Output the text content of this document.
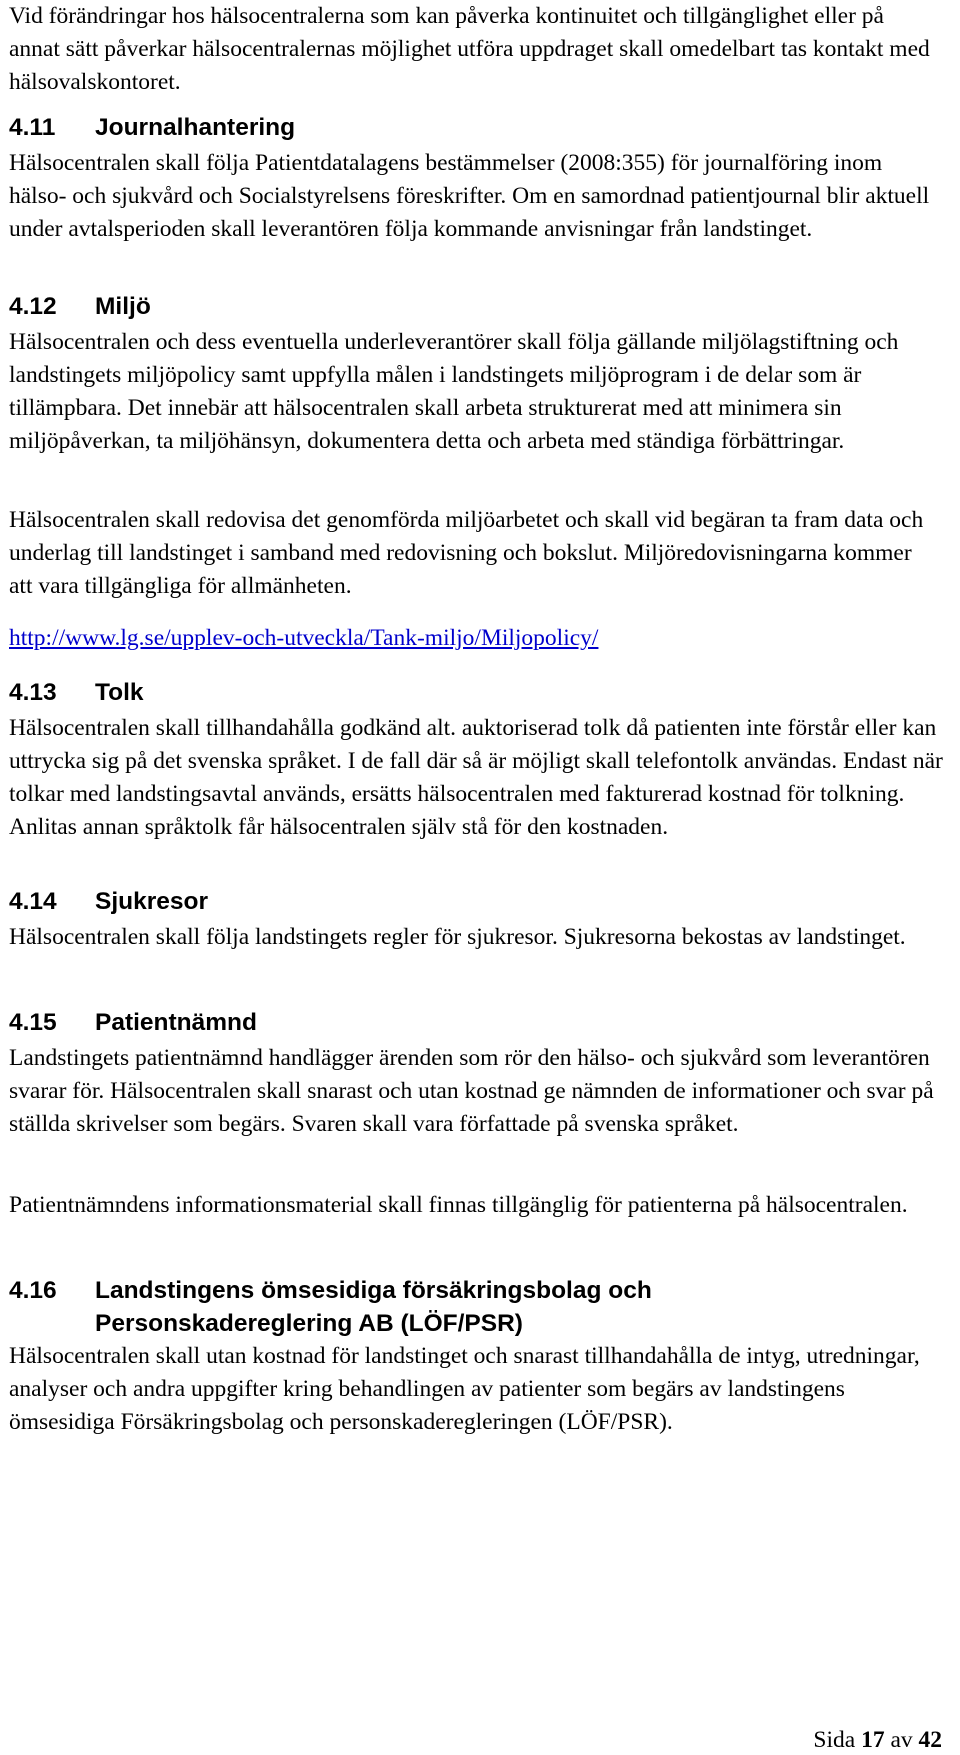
Vid förändringar hos hälsocentralerna som kan påverka kontinuitet och tillgänglighet eller på annat sätt påverkar hälsocentralernas möjlighet utföra uppdraget skall omedelbart tas kontakt med hälsovalskontoret.

4.11	Journalhantering

Hälsocentralen skall följa Patientdatalagens bestämmelser (2008:355) för journalföring inom hälso- och sjukvård och Socialstyrelsens föreskrifter. Om en samordnad patientjournal blir aktuell under avtalsperioden skall leverantören följa kommande anvisningar från landstinget.

4.12	Miljö

Hälsocentralen och dess eventuella underleverantörer skall följa gällande miljölagstiftning och landstingets miljöpolicy samt uppfylla målen i landstingets miljöprogram i de delar som är tillämpbara. Det innebär att hälsocentralen skall arbeta strukturerat med att minimera sin miljöpåverkan, ta miljöhänsyn, dokumentera detta och arbeta med ständiga förbättringar.

Hälsocentralen skall redovisa det genomförda miljöarbetet och skall vid begäran ta fram data och underlag till landstinget i samband med redovisning och bokslut. Miljöredovisningarna kommer att vara tillgängliga för allmänheten.

http://www.lg.se/upplev-och-utveckla/Tank-miljo/Miljopolicy/

4.13	Tolk

Hälsocentralen skall tillhandahålla godkänd alt. auktoriserad tolk då patienten inte förstår eller kan uttrycka sig på det svenska språket. I de fall där så är möjligt skall telefontolk användas. Endast när tolkar med landstingsavtal används, ersätts hälsocentralen med fakturerad kostnad för tolkning. Anlitas annan språktolk får hälsocentralen själv stå för den kostnaden.

4.14	Sjukresor

Hälsocentralen skall följa landstingets regler för sjukresor. Sjukresorna bekostas av landstinget.

4.15	Patientnämnd

Landstingets patientnämnd handlägger ärenden som rör den hälso- och sjukvård som leverantören svarar för. Hälsocentralen skall snarast och utan kostnad ge nämnden de informationer och svar på ställda skrivelser som begärs. Svaren skall vara författade på svenska språket.

Patientnämndens informationsmaterial skall finnas tillgänglig för patienterna på hälsocentralen.

4.16	Landstingens ömsesidiga försäkringsbolag och Personskadereglering AB (LÖF/PSR)

Hälsocentralen skall utan kostnad för landstinget och snarast tillhandahålla de intyg, utredningar, analyser och andra uppgifter kring behandlingen av patienter som begärs av landstingens ömsesidiga Försäkringsbolag och personskaderegleringen (LÖF/PSR).

Sida 17 av 42
